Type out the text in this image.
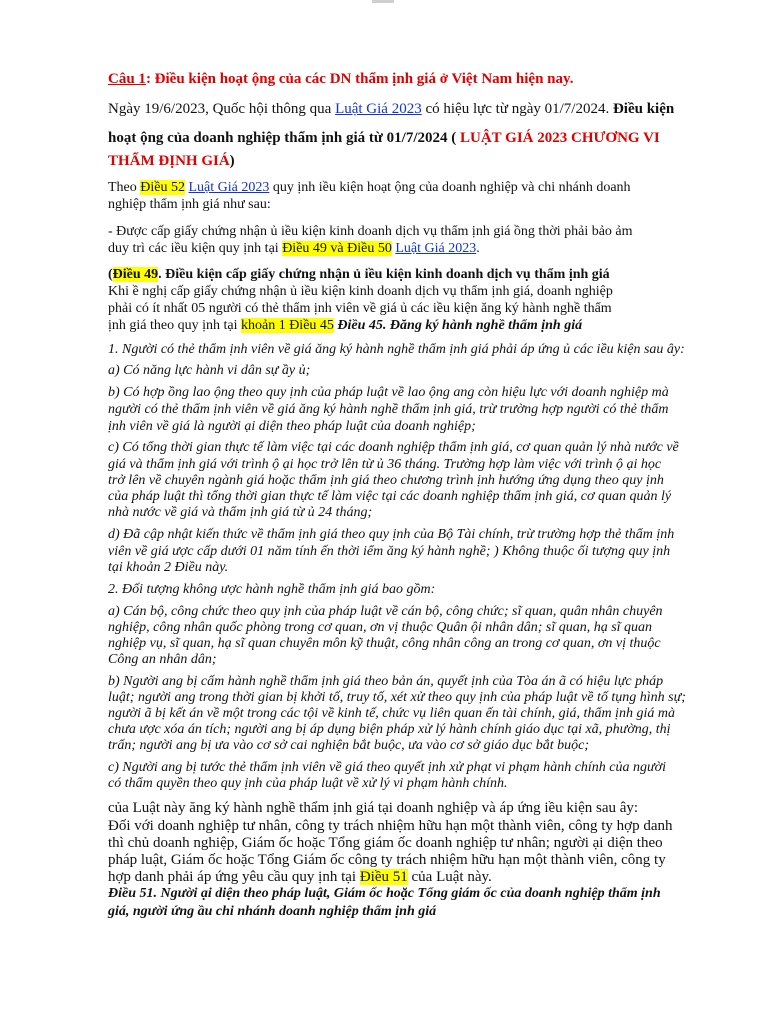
Câu 1: Điều kiện hoạt ộng của các DN thẩm ịnh giá ở Việt Nam hiện nay.

Ngày 19/6/2023, Quốc hội thông qua Luật Giá 2023 có hiệu lực từ ngày 01/7/2024. Điều kiện

hoạt ộng của doanh nghiệp thẩm ịnh giá từ 01/7/2024 ( LUẬT GIÁ 2023 CHƯƠNG VI

THẨM ĐỊNH GIÁ)

Theo Điều 52 Luật Giá 2023 quy ịnh iều kiện hoạt ộng của doanh nghiệp và chi nhánh doanh

nghiệp thẩm ịnh giá như sau:

- Được cấp giấy chứng nhận ủ iều kiện kinh doanh dịch vụ thẩm ịnh giá ồng thời phải bảo ảm

duy trì các iều kiện quy ịnh tại Điều 49 và Điều 50 Luật Giá 2023.

(Điều 49. Điều kiện cấp giấy chứng nhận ủ iều kiện kinh doanh dịch vụ thẩm ịnh giá

Khi ề nghị cấp giấy chứng nhận ủ iều kiện kinh doanh dịch vụ thẩm ịnh giá, doanh nghiệp

phải có ít nhất 05 người có thẻ thẩm ịnh viên về giá ủ các iều kiện ăng ký hành nghề thẩm

ịnh giá theo quy ịnh tại khoản 1 Điều 45 Điều 45. Đăng ký hành nghề thẩm ịnh giá

1. Người có thẻ thẩm ịnh viên về giá ăng ký hành nghề thẩm ịnh giá phải áp ứng ủ các iều kiện sau ây:

a) Có năng lực hành vi dân sự ầy ủ;

b) Có hợp ồng lao ộng theo quy ịnh của pháp luật về lao ộng ang còn hiệu lực với doanh nghiệp mà

người có thẻ thẩm ịnh viên về giá ăng ký hành nghề thẩm ịnh giá, trừ trường hợp người có thẻ thẩm

ịnh viên về giá là người ại diện theo pháp luật của doanh nghiệp;

c) Có tổng thời gian thực tế làm việc tại các doanh nghiệp thẩm ịnh giá, cơ quan quản lý nhà nước về

giá và thẩm ịnh giá với trình ộ ại học trở lên từ ủ 36 tháng. Trường hợp làm việc với trình ộ ại học

trở lên về chuyên ngành giá hoặc thẩm ịnh giá theo chương trình ịnh hướng ứng dụng theo quy ịnh

của pháp luật thì tổng thời gian thực tế làm việc tại các doanh nghiệp thẩm ịnh giá, cơ quan quản lý

nhà nước về giá và thẩm ịnh giá từ ủ 24 tháng;

d) Đã cập nhật kiến thức về thẩm ịnh giá theo quy ịnh của Bộ Tài chính, trừ trường hợp thẻ thẩm ịnh

viên về giá ược cấp dưới 01 năm tính ến thời iểm ăng ký hành nghề; ) Không thuộc ối tượng quy ịnh

tại khoản 2 Điều này.

2. Đối tượng không ược hành nghề thẩm ịnh giá bao gồm:

a) Cán bộ, công chức theo quy ịnh của pháp luật về cán bộ, công chức; sĩ quan, quân nhân chuyên

nghiệp, công nhân quốc phòng trong cơ quan, ơn vị thuộc Quân ội nhân dân; sĩ quan, hạ sĩ quan

nghiệp vụ, sĩ quan, hạ sĩ quan chuyên môn kỹ thuật, công nhân công an trong cơ quan, ơn vị thuộc

Công an nhân dân;

b) Người ang bị cấm hành nghề thẩm ịnh giá theo bản án, quyết ịnh của Tòa án ã có hiệu lực pháp

luật; người ang trong thời gian bị khởi tố, truy tố, xét xử theo quy ịnh của pháp luật về tố tụng hình sự;

người ã bị kết án về một trong các tội về kinh tế, chức vụ liên quan ến tài chính, giá, thẩm ịnh giá mà

chưa ược xóa án tích; người ang bị áp dụng biện pháp xử lý hành chính giáo dục tại xã, phường, thị

trấn; người ang bị ưa vào cơ sở cai nghiện bắt buộc, ưa vào cơ sở giáo dục bắt buộc;

c) Người ang bị tước thẻ thẩm ịnh viên về giá theo quyết ịnh xử phạt vi phạm hành chính của người

có thẩm quyền theo quy ịnh của pháp luật về xử lý vi phạm hành chính.

của Luật này ăng ký hành nghề thẩm ịnh giá tại doanh nghiệp và áp ứng iều kiện sau ây:

Đối với doanh nghiệp tư nhân, công ty trách nhiệm hữu hạn một thành viên, công ty hợp danh

thì chủ doanh nghiệp, Giám ốc hoặc Tổng giám ốc doanh nghiệp tư nhân; người ại diện theo

pháp luật, Giám ốc hoặc Tổng Giám ốc công ty trách nhiệm hữu hạn một thành viên, công ty

hợp danh phải áp ứng yêu cầu quy ịnh tại Điều 51 của Luật này.

Điều 51. Người ại diện theo pháp luật, Giám ốc hoặc Tổng giám ốc của doanh nghiệp thẩm ịnh

giá, người ứng ầu chi nhánh doanh nghiệp thẩm ịnh giá
